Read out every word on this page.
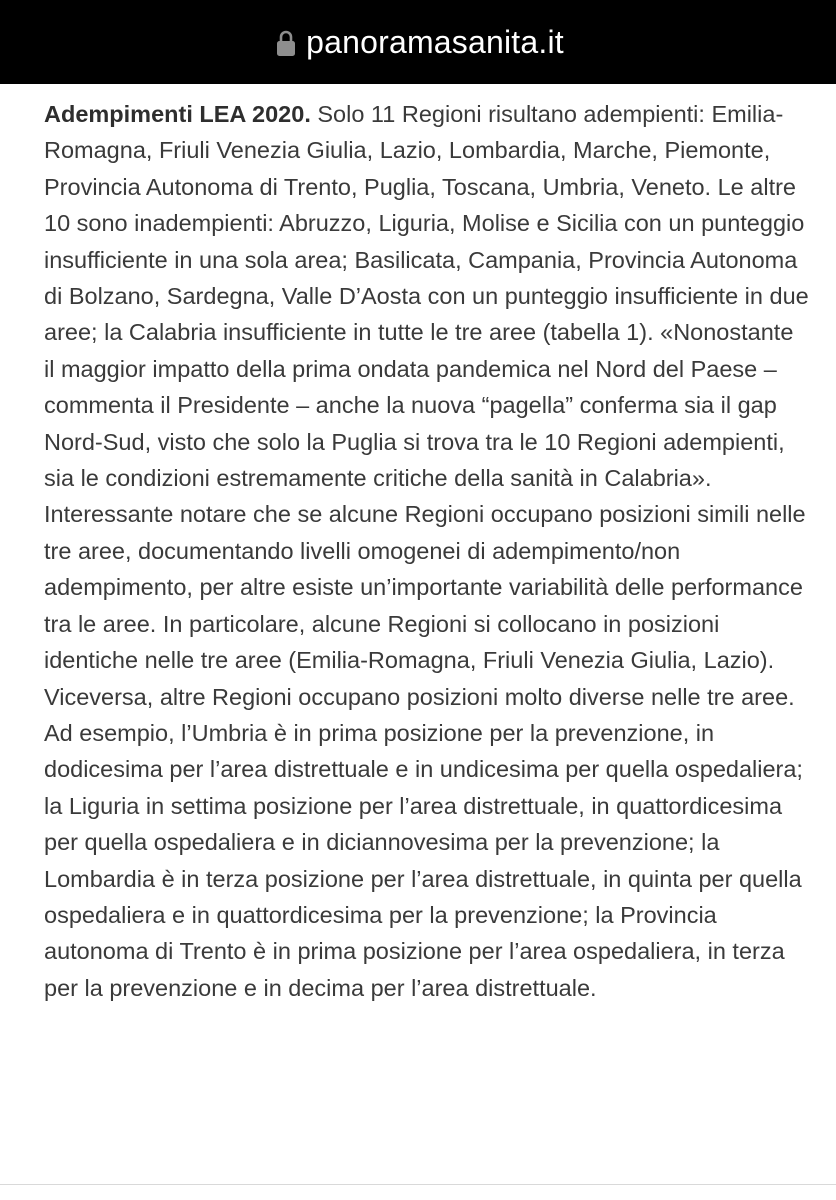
panoramasanita.it

Adempimenti LEA 2020. Solo 11 Regioni risultano adempienti: Emilia-Romagna, Friuli Venezia Giulia, Lazio, Lombardia, Marche, Piemonte, Provincia Autonoma di Trento, Puglia, Toscana, Umbria, Veneto. Le altre 10 sono inadempienti: Abruzzo, Liguria, Molise e Sicilia con un punteggio insufficiente in una sola area; Basilicata, Campania, Provincia Autonoma di Bolzano, Sardegna, Valle D’Aosta con un punteggio insufficiente in due aree; la Calabria insufficiente in tutte le tre aree (tabella 1). «Nonostante il maggior impatto della prima ondata pandemica nel Nord del Paese – commenta il Presidente – anche la nuova “pagella” conferma sia il gap Nord-Sud, visto che solo la Puglia si trova tra le 10 Regioni adempienti, sia le condizioni estremamente critiche della sanità in Calabria». Interessante notare che se alcune Regioni occupano posizioni simili nelle tre aree, documentando livelli omogenei di adempimento/non adempimento, per altre esiste un’importante variabilità delle performance tra le aree. In particolare, alcune Regioni si collocano in posizioni identiche nelle tre aree (Emilia-Romagna, Friuli Venezia Giulia, Lazio). Viceversa, altre Regioni occupano posizioni molto diverse nelle tre aree. Ad esempio, l’Umbria è in prima posizione per la prevenzione, in dodicesima per l’area distrettuale e in undicesima per quella ospedaliera; la Liguria in settima posizione per l’area distrettuale, in quattordicesima per quella ospedaliera e in diciannovesima per la prevenzione; la Lombardia è in terza posizione per l’area distrettuale, in quinta per quella ospedaliera e in quattordicesima per la prevenzione; la Provincia autonoma di Trento è in prima posizione per l’area ospedaliera, in terza per la prevenzione e in decima per l’area distrettuale.
